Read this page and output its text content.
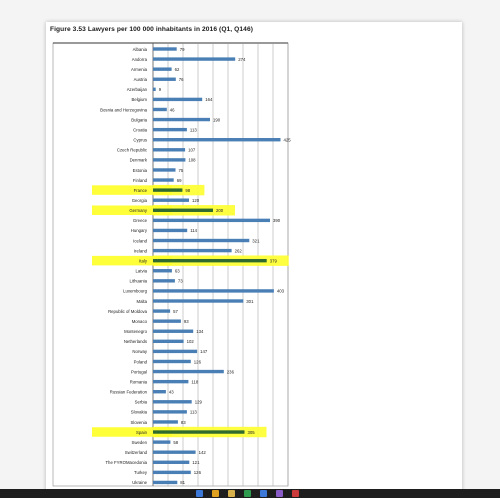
Figure 3.53 Lawyers per 100 000 inhabitants in 2016 (Q1, Q146)
Albania	79
Andorra	274
Armenia	62
Austria	76
Azerbaijan	9
Belgium	164
Bosnia and Herzegovina	46
Bulgaria	190
Croatia	113
Cyprus	425
Czech Republic	107
Denmark	108
Estonia	75
Finland	69
France	98
Georgia	120
Germany	200
Greece	390
Hungary	114
Iceland	321
Ireland	262
Italy	379
Latvia	63
Lithuania	73
Luxembourg	403
Malta	301
Republic of Moldova	57
Monaco	93
Montenegro	134
Netherlands	102
Norway	147
Poland	126
Portugal	236
Romania	118
Russian Federation	43
Serbia	129
Slovakia	113
Slovenia	83
Spain	305
Sweden	58
Switzerland	142
The FYROMacedonia	121
Turkey	126
Ukraine	81
